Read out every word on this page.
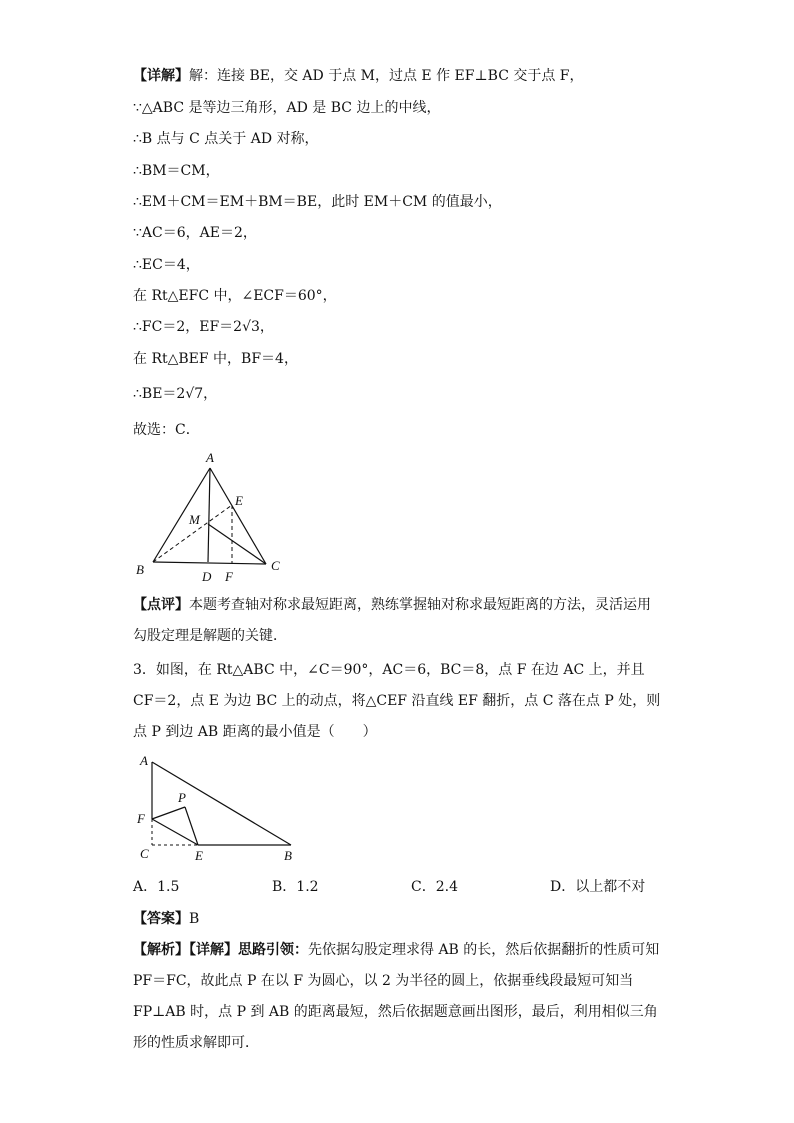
【详解】解：连接 BE，交 AD 于点 M，过点 E 作 EF⊥BC 交于点 F，
∵△ABC 是等边三角形，AD 是 BC 边上的中线，
∴B 点与 C 点关于 AD 对称，
∴BM＝CM，
∴EM＋CM＝EM＋BM＝BE，此时 EM＋CM 的值最小，
∵AC＝6，AE＝2，
∴EC＝4，
在 Rt△EFC 中，∠ECF＝60°，
∴FC＝2，EF＝2√3，
在 Rt△BEF 中，BF＝4，
∴BE＝2√7，
故选：C．
A
B	C
D
E
F
M
【点评】本题考查轴对称求最短距离，熟练掌握轴对称求最短距离的方法，灵活运用勾股定理是解题的关键．
3．如图，在 Rt△ABC 中，∠C＝90°，AC＝6，BC＝8，点 F 在边 AC 上，并且 CF＝2，点 E 为边 BC 上的动点，将△CEF 沿直线 EF 翻折，点 C 落在点 P 处，则点 P 到边 AB 距离的最小值是（　　）
A
F
C	E	B
P
A．1.5	B．1.2	C．2.4	D．以上都不对
【答案】B
【解析】【详解】思路引领：先依据勾股定理求得 AB 的长，然后依据翻折的性质可知 PF＝FC，故此点 P 在以 F 为圆心，以 2 为半径的圆上，依据垂线段最短可知当 FP⊥AB 时，点 P 到 AB 的距离最短，然后依据题意画出图形，最后，利用相似三角形的性质求解即可．
